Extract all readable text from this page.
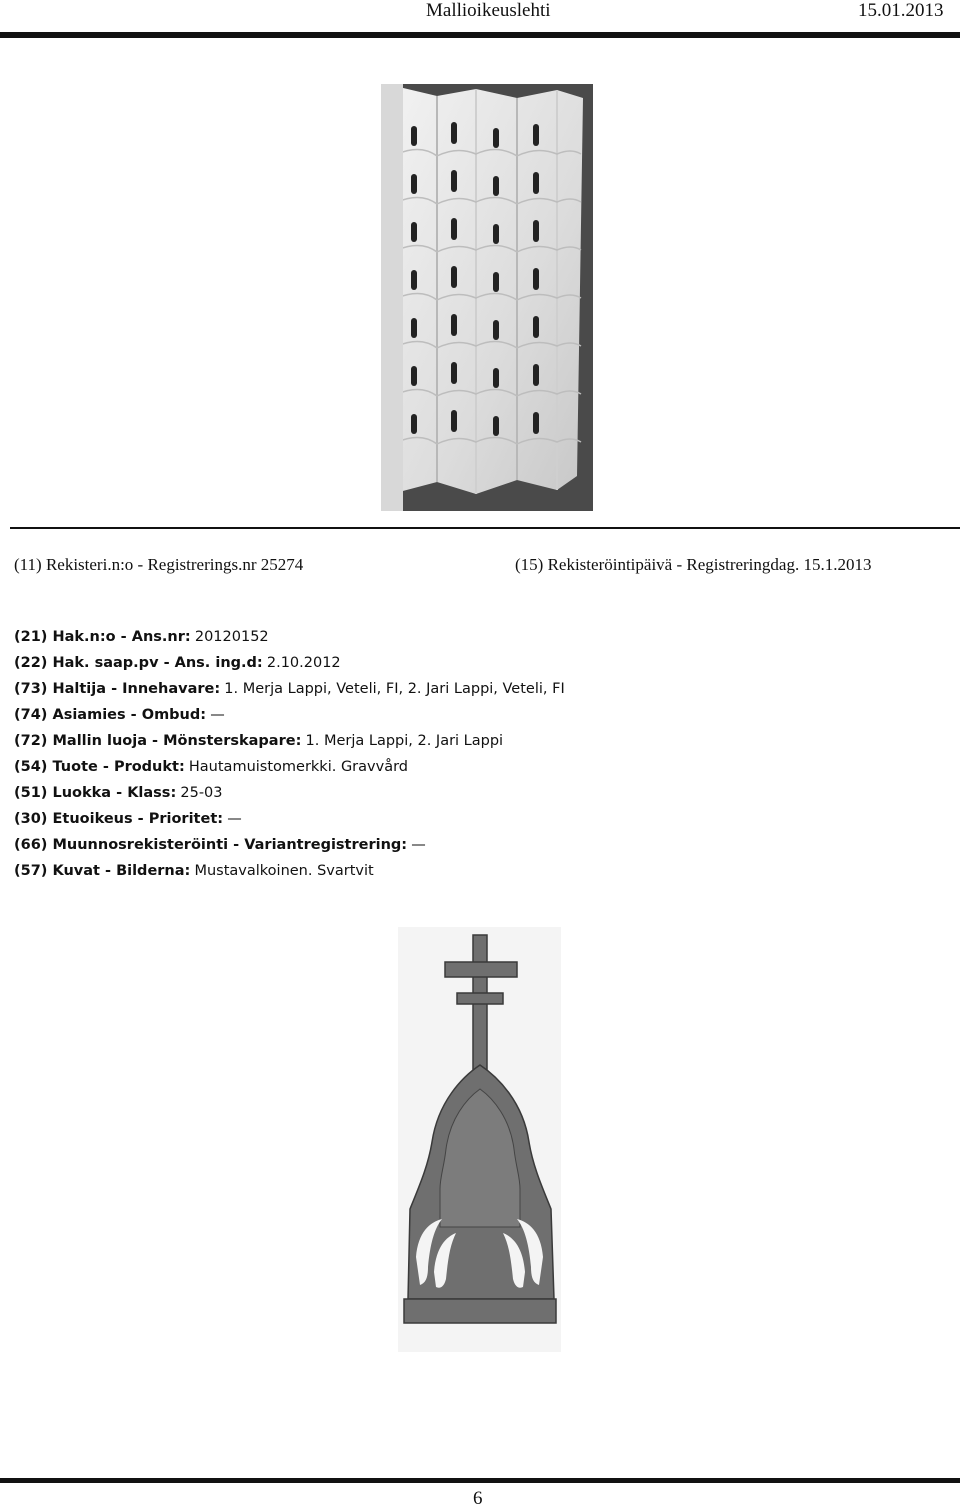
Mallioikeuslehti	15.01.2013
(11) Rekisteri.n:o - Registrerings.nr 25274	(15) Rekisteröintipäivä - Registreringdag. 15.1.2013
(21) Hak.n:o - Ans.nr: 20120152
(22) Hak. saap.pv - Ans. ing.d: 2.10.2012
(73) Haltija - Innehavare: 1. Merja Lappi, Veteli, FI, 2. Jari Lappi, Veteli, FI
(74) Asiamies - Ombud: —
(72) Mallin luoja - Mönsterskapare: 1. Merja Lappi, 2. Jari Lappi
(54) Tuote - Produkt: Hautamuistomerkki. Gravvård
(51) Luokka - Klass: 25-03
(30) Etuoikeus - Prioritet: —
(66) Muunnosrekisteröinti - Variantregistrering: —
(57) Kuvat - Bilderna: Mustavalkoinen. Svartvit
6
